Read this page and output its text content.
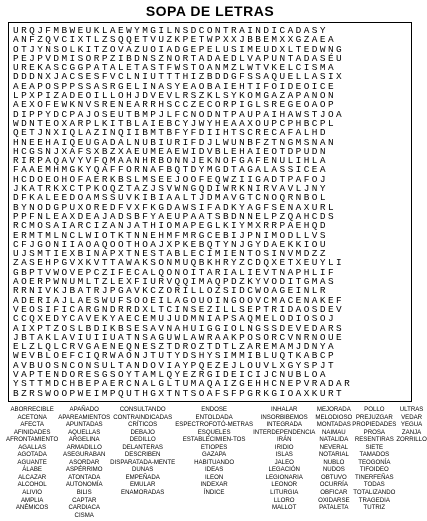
SOPA DE LETRAS
URQJFMBWEUKLAEWYMGILNSDCONTRAINDICADASY
ANFZQVCIXTLZSQQETVUZKPETWPXXJBBEMXXGZAEA
OTJYNSOLKITZOVAZUOIADGEPELUSIMEUDXLTEDWNG
PEJPVDMISORPZIBDNSZNORTADAEDLVAPUNTADASÉU
UREKASCGGPATALETASTFWSTOANMZLWTVKELCISMA
DDDNXJACSESFVCLNIUTTTHIZBDDGFSSAQUELLASIX
AEAPOSPPSSASRGELINASYEAOBAIEHTIFOIDEOICE
LPXPIZADEOILLOHJDVEVLRSZKLSYKOMGAZAPANON
AEXOFEWKNVSRENEARRHSCCZECORPIGLSREGEOAOP
DIPPYDCPAJOSEUTBMPJLFCNODNTPAUPAIHAWSTJOA
WDNTEOXARPLKITBLAIEBCYJWYHEAAXOUPCPHBCPL
QETJNXIQLAZINQIIBMTBFYFDIIHTSCRECAFALHD
HNEEHAIQEUGADALNUBIURIFDJLWUNBFZTNGMSNAN
HCGSNJXAFSXBZXAEUMEAEWIDVBLEHAIEOTDPUDN
RIRPAQAVYVFQMAANHRBONNJEKNOFGAFENULIHLA
FAAEMHMGKYQAFFORNAFBQTDYMGDTAGALASSICEA
HCDOEOHOFAERKBSLMSEEJOOFEQWZIIGADTPAFOJ
JKATRKXCTPKOQZTAZJSVWNGQDIWRKNIRVAVLJNY
DFKALEEDOAMSSUVKIBIAALTJDMAVGTCNOQRNBOL
BYNODGPUXOREDFVXFKGDAWSIFADKYAGFSENAXURL
PPFNLEAXDEAJADSBFYAEUPAATSBDNNELPZQAHCDS
RCMOSAIARCIZANJATHIOMAPEGLKIYMXRRPAEHQD
ERMTMLNCLWIOTKTNNEHMFMRGCEBIJPNIMODLLVS
CFJGONIIAOAQOOTHOAJXPKEBQTYNJGYDAEKKIOU
UJSMTIEXBINAPXTNESTABLECIMIENTOSINVMDZZ
ZASEHPGVXKVTTAWAKSONMUQBKHRYZCDQXETXEUYLI
GBPTVWOVEPCZIFECALQONOITARIALIEVTNAPHLIF
AOERPWNUMLTZLEXFIURVQQIMAQPDZKYVODITGMAS
RRNIVKJBATRJPGAVKCZORILLOZSIDCWOAGEINLR
ADERIAJLAESWUFSOOEILAGOUOINGOOVCMACENAKEF
VEOSIFICARGNDRRDXLTCINSEZILLSEPTRIDAOSDEV
CCQXEDYCAVEKYAECEMUJUDMNIAPSAQMELODIOSOJ
AIXPTZOSLBDIKBSESAVNAHUIGGIOLNGSSDEVEDARS
JBTAKLAVIUIIUATNSAGUWLAWRAAKPOSORCVNRNOUE
ELZLQLCRVGAENEQNESZTDROZTDTLZAREMAMJDNYA
WEVBLOEFCIQRWAONJTUTYDSHYSIMMIBLUQTKABCP
AVBUOSNCONSULTANDOVIAYPQEZEJLOUVLXGYSPJT
VAPTENDORESGSOYTAMLQYEZRGIDEICIJCNUBLOA
YSTTMDCHBEPAERCNALGLTUMAQAIZGEHHCNEPVRADAR
BZRSWOOPWEIMPQUTHGXTNTSOAFSFPGRKGIOAXKURT
ABORRECIBLE
ACETONA
AFECTA
AFINIDADES
AFRONTAMIENTO
AGALLAS
AGOTADA
AGUANTE
ÁLABE
ALCAZAR
ALCOHOL
ALIVIO
AMPLIA
ANÉMICOS
APAÑADO
APAREAMIENTOS
APUNTADAS
AQUELLAS
ARGELINA
ARMADILLO
ASEGURABAN
ASORDAR
ASPÉRRIMO
ATONTADA
AUTONOMÍA
BILIS
CAPTAR
CARDIACA
CISMA
CONSULTANDO
CONTRAINDICADAS
CRÍTICOS
DEBAJO
DEDILLO
DELANTERAS
DESCRIBEN
DISPARATADA-MENTE
DUNAS
EMPEÑADA
EMULAR
ENAMORADAS
ENDOSE
ENTOLDADA
ESPECTROFOTÓ-METRAS
ESQUELES
ESTABLECIMIEN-TOS
ETIOPES
GAZAPA
HABITUANDO
IDEAS
ILEON
INDEXAR
ÍNDICE
INHALAR
INSORBIBEMOS
INTEGRADA
INTERDEPENDENCIA
IRÁN
IRIDIO
ISLAS
JALEO
LEGACIÓN
LEGIONARIA
LEONOR
LITURGIA
LLORO
MALLOT
MEJORADA
MELODIOSO
MONTADAS
NAIMAU
NATALIDA
NEVERAL
NOTARIAL
NUBLO
NUDOS
OBTUVO
OCURRÍA
OBFICAR
OXIDARSE
PATALETA
POLLO
PREJUZGAR
PROPIEDADES
PROSA
RESENTIRAS
SIETE
TAMADOS
TEOGONÍA
TIFOIDEO
TINERFEÑAS
TODAS
TOTALIZANDO
TRAGEDIA
TUTRIZ
ULTRAS
VEDAR
YEGUA
ZANJA
ZORRILLO
